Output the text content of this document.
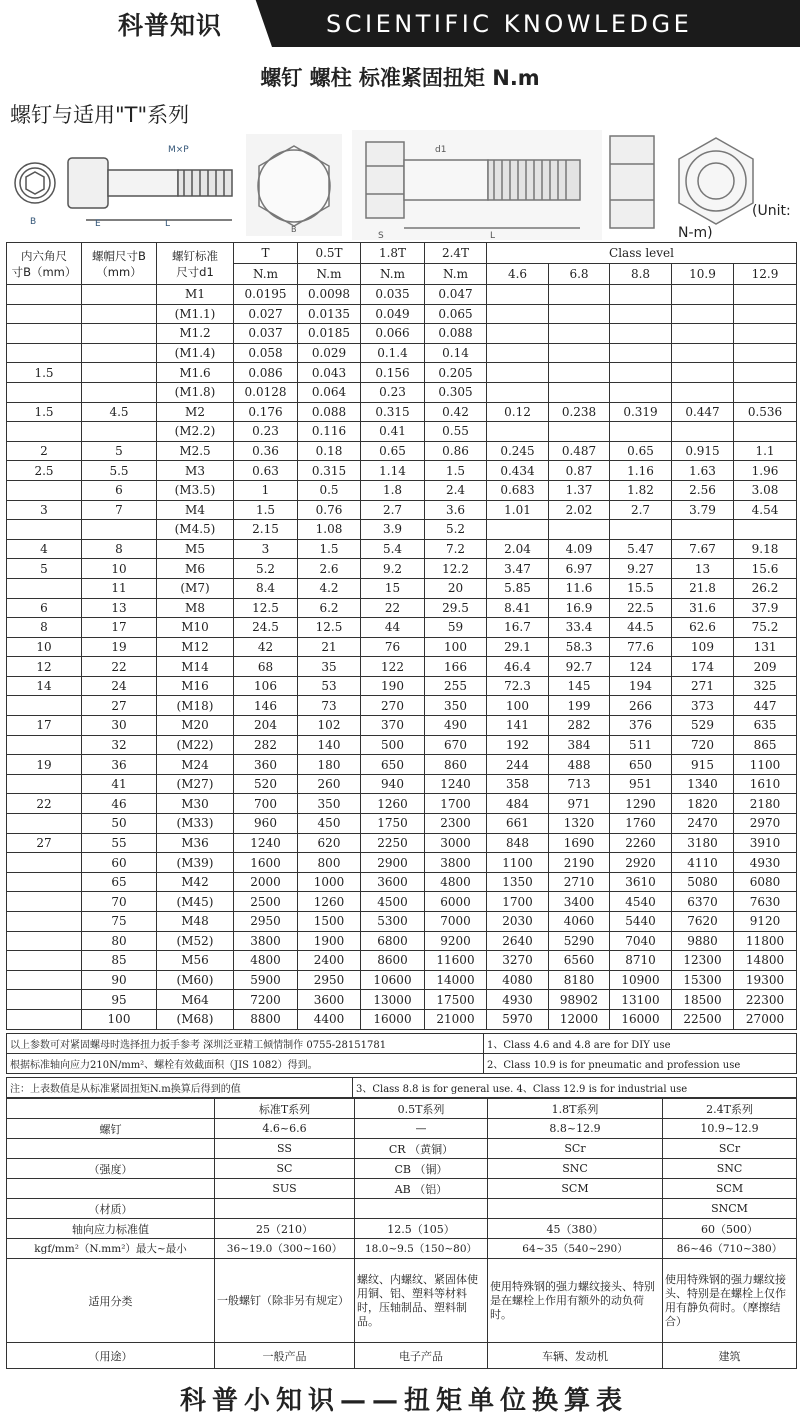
科普知识	SCIENTIFIC KNOWLEDGE
螺钉 螺柱 标准紧固扭矩 N.m
螺钉与适用"T"系列
M×P
B	E	L
B
S
d1
L
(Unit:
N-m)
内六角尺
寸B（mm）	螺帽尺寸B
（mm）	螺钉标准
尺寸d1	T	0.5T	1.8T	2.4T	Class level				
			N.m	N.m	N.m	N.m	4.6	6.8	8.8	10.9	12.9
		M1	0.0195	0.0098	0.035	0.047					
		(M1.1)	0.027	0.0135	0.049	0.065					
		M1.2	0.037	0.0185	0.066	0.088					
		(M1.4)	0.058	0.029	0.1.4	0.14					
1.5		M1.6	0.086	0.043	0.156	0.205					
		(M1.8)	0.0128	0.064	0.23	0.305					
1.5	4.5	M2	0.176	0.088	0.315	0.42	0.12	0.238	0.319	0.447	0.536
		(M2.2)	0.23	0.116	0.41	0.55					
2	5	M2.5	0.36	0.18	0.65	0.86	0.245	0.487	0.65	0.915	1.1
2.5	5.5	M3	0.63	0.315	1.14	1.5	0.434	0.87	1.16	1.63	1.96
	6	(M3.5)	1	0.5	1.8	2.4	0.683	1.37	1.82	2.56	3.08
3	7	M4	1.5	0.76	2.7	3.6	1.01	2.02	2.7	3.79	4.54
		(M4.5)	2.15	1.08	3.9	5.2					
4	8	M5	3	1.5	5.4	7.2	2.04	4.09	5.47	7.67	9.18
5	10	M6	5.2	2.6	9.2	12.2	3.47	6.97	9.27	13	15.6
	11	(M7)	8.4	4.2	15	20	5.85	11.6	15.5	21.8	26.2
6	13	M8	12.5	6.2	22	29.5	8.41	16.9	22.5	31.6	37.9
8	17	M10	24.5	12.5	44	59	16.7	33.4	44.5	62.6	75.2
10	19	M12	42	21	76	100	29.1	58.3	77.6	109	131
12	22	M14	68	35	122	166	46.4	92.7	124	174	209
14	24	M16	106	53	190	255	72.3	145	194	271	325
	27	(M18)	146	73	270	350	100	199	266	373	447
17	30	M20	204	102	370	490	141	282	376	529	635
	32	(M22)	282	140	500	670	192	384	511	720	865
19	36	M24	360	180	650	860	244	488	650	915	1100
	41	(M27)	520	260	940	1240	358	713	951	1340	1610
22	46	M30	700	350	1260	1700	484	971	1290	1820	2180
	50	(M33)	960	450	1750	2300	661	1320	1760	2470	2970
27	55	M36	1240	620	2250	3000	848	1690	2260	3180	3910
	60	(M39)	1600	800	2900	3800	1100	2190	2920	4110	4930
	65	M42	2000	1000	3600	4800	1350	2710	3610	5080	6080
	70	(M45)	2500	1260	4500	6000	1700	3400	4540	6370	7630
	75	M48	2950	1500	5300	7000	2030	4060	5440	7620	9120
	80	(M52)	3800	1900	6800	9200	2640	5290	7040	9880	11800
	85	M56	4800	2400	8600	11600	3270	6560	8710	12300	14800
	90	(M60)	5900	2950	10600	14000	4080	8180	10900	15300	19300
	95	M64	7200	3600	13000	17500	4930	98902	13100	18500	22300
	100	(M68)	8800	4400	16000	21000	5970	12000	16000	22500	27000
以上参数可对紧固螺母时选择扭力扳手参考 深圳泛亚精工倾情制作 0755-28151781	1、Class 4.6 and 4.8 are for DIY use
根据标准轴向应力210N/mm²、螺栓有效截面积（JIS 1082）得到。	2、Class 10.9 is for pneumatic and profession use
注：上表数值是从标准紧固扭矩N.m换算后得到的值	3、Class 8.8 is for general use. 4、Class 12.9 is for industrial use
	标准T系列	0.5T系列	1.8T系列	2.4T系列
螺钉	4.6~6.6	—	8.8~12.9	10.9~12.9
	SS	CR （黄铜）	SCr	SCr
（强度）	SC	CB （铜）	SNC	SNC
	SUS	AB （铝）	SCM	SCM
（材质）				SNCM
轴向应力标准值	25（210）	12.5（105）	45（380）	60（500）
kgf/mm²（N.mm²）最大~最小	36~19.0（300~160）	18.0~9.5（150~80）	64~35（540~290）	86~46（710~380）
适用分类	一般螺钉（除非另有规定）	螺纹、内螺纹、紧固体使用铜、铝、塑料等材料时，压轴制品、塑料制品。	使用特殊钢的强力螺纹接头、特别是在螺栓上作用有额外的动负荷时。	使用特殊钢的强力螺纹接头、特别是在螺栓上仅作用有静负荷时。（摩擦结合）
（用途）	一般产品	电子产品	车辆、发动机	建筑
科普小知识——扭矩单位换算表
